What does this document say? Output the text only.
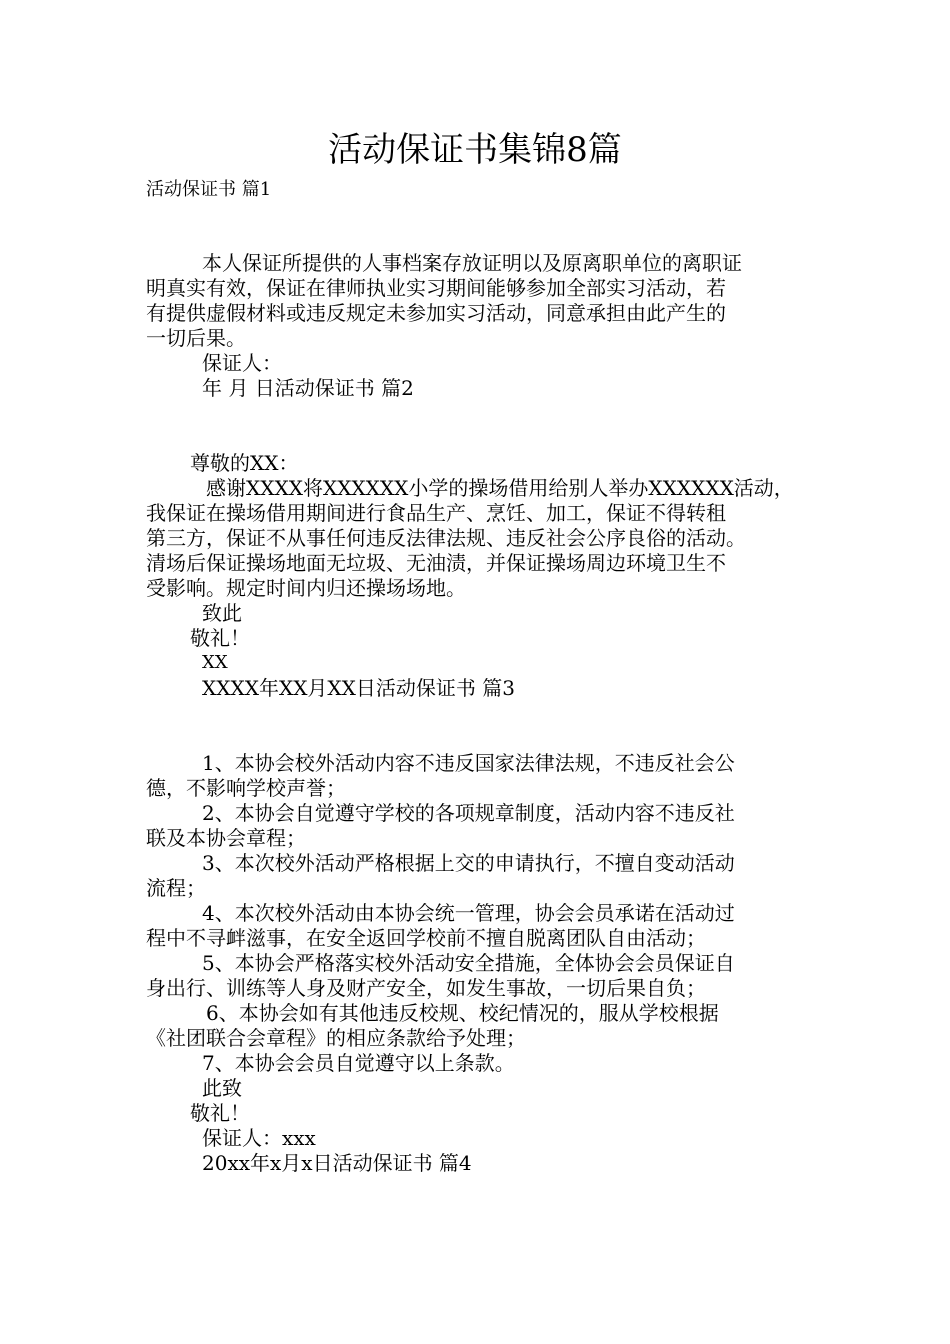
活动保证书集锦8篇
活动保证书 篇1
本人保证所提供的人事档案存放证明以及原离职单位的离职证
明真实有效，保证在律师执业实习期间能够参加全部实习活动，若
有提供虚假材料或违反规定未参加实习活动，同意承担由此产生的
一切后果。
保证人：
年 月 日活动保证书 篇2
尊敬的XX：
感谢XXXX将XXXXXX小学的操场借用给别人举办XXXXXX活动，
我保证在操场借用期间进行食品生产、烹饪、加工，保证不得转租
第三方，保证不从事任何违反法律法规、违反社会公序良俗的活动。
清场后保证操场地面无垃圾、无油渍，并保证操场周边环境卫生不
受影响。规定时间内归还操场场地。
致此
敬礼！
XX
XXXX年XX月XX日活动保证书 篇3
1、本协会校外活动内容不违反国家法律法规，不违反社会公
德，不影响学校声誉；
2、本协会自觉遵守学校的各项规章制度，活动内容不违反社
联及本协会章程；
3、本次校外活动严格根据上交的申请执行，不擅自变动活动
流程；
4、本次校外活动由本协会统一管理，协会会员承诺在活动过
程中不寻衅滋事，在安全返回学校前不擅自脱离团队自由活动；
5、本协会严格落实校外活动安全措施，全体协会会员保证自
身出行、训练等人身及财产安全，如发生事故，一切后果自负；
6、本协会如有其他违反校规、校纪情况的，服从学校根据
《社团联合会章程》的相应条款给予处理；
7、本协会会员自觉遵守以上条款。
此致
敬礼！
保证人：xxx
20xx年x月x日活动保证书 篇4
